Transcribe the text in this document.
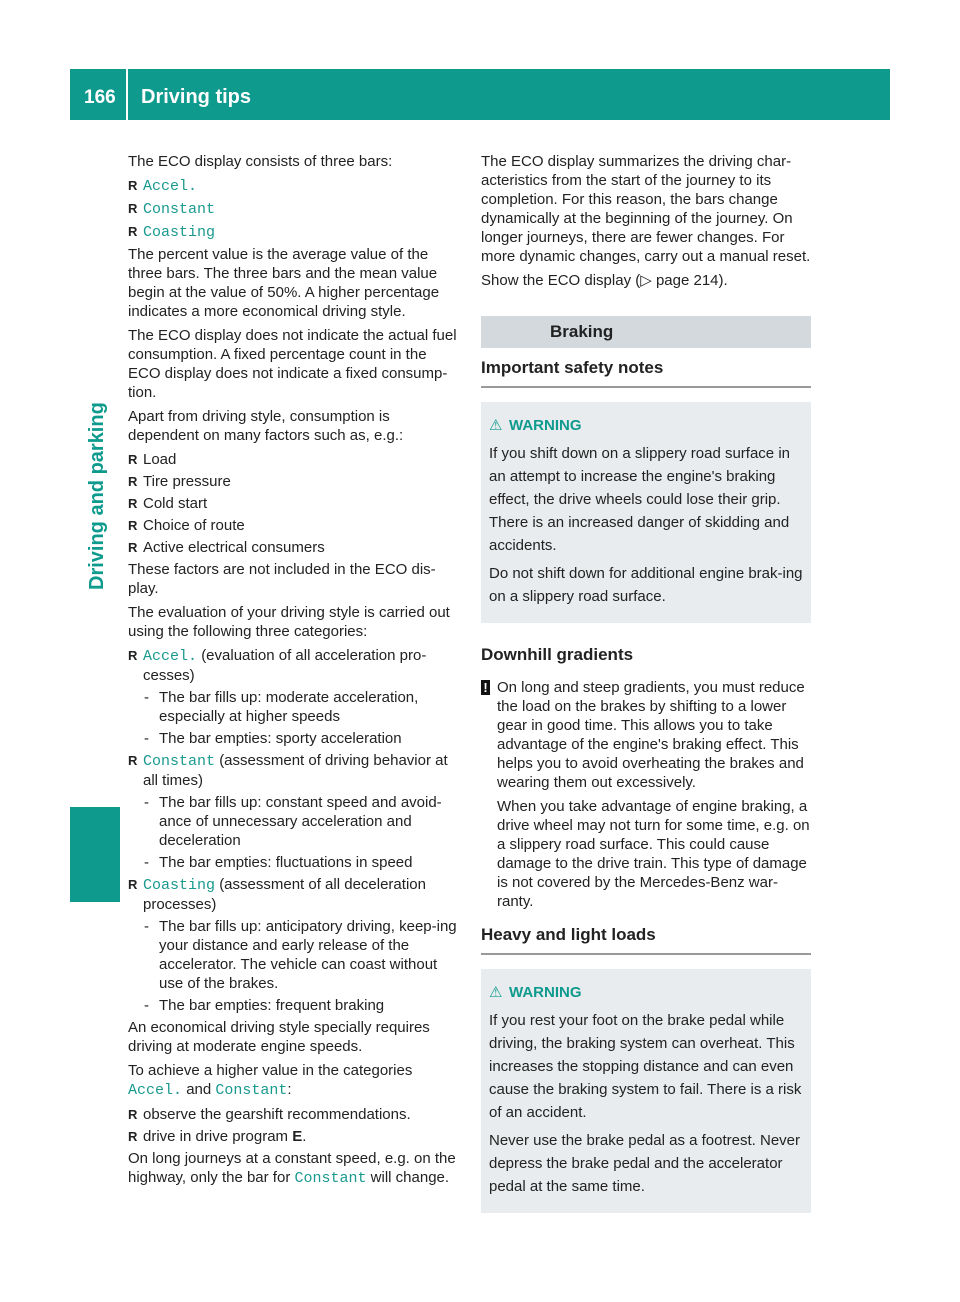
166 Driving tips
Driving and parking

The ECO display consists of three bars:

R Accel.
R Constant
R Coasting

The percent value is the average value of the three bars. The three bars and the mean value begin at the value of 50%. A higher percentage indicates a more economical driving style.

The ECO display does not indicate the actual fuel consumption. A fixed percentage count in the ECO display does not indicate a fixed consump-tion.

Apart from driving style, consumption is dependent on many factors such as, e.g.:

R Load
R Tire pressure
R Cold start
R Choice of route
R Active electrical consumers

These factors are not included in the ECO dis-play.

The evaluation of your driving style is carried out using the following three categories:

R Accel. (evaluation of all acceleration pro-cesses)
- The bar fills up: moderate acceleration, especially at higher speeds
- The bar empties: sporty acceleration
R Constant (assessment of driving behavior at all times)
- The bar fills up: constant speed and avoid-ance of unnecessary acceleration and deceleration
- The bar empties: fluctuations in speed
R Coasting (assessment of all deceleration processes)
- The bar fills up: anticipatory driving, keep-ing your distance and early release of the accelerator. The vehicle can coast without use of the brakes.
- The bar empties: frequent braking

An economical driving style specially requires driving at moderate engine speeds.

To achieve a higher value in the categories Accel. and Constant:

R observe the gearshift recommendations.
R drive in drive program E.

On long journeys at a constant speed, e.g. on the highway, only the bar for Constant will change.

The ECO display summarizes the driving char-acteristics from the start of the journey to its completion. For this reason, the bars change dynamically at the beginning of the journey. On longer journeys, there are fewer changes. For more dynamic changes, carry out a manual reset.

Show the ECO display (▷ page 214).

Braking
Important safety notes
⚠ WARNING

If you shift down on a slippery road surface in an attempt to increase the engine's braking effect, the drive wheels could lose their grip. There is an increased danger of skidding and accidents.

Do not shift down for additional engine brak-ing on a slippery road surface.

Downhill gradients
! On long and steep gradients, you must reduce the load on the brakes by shifting to a lower gear in good time. This allows you to take advantage of the engine's braking effect. This helps you to avoid overheating the brakes and wearing them out excessively.

When you take advantage of engine braking, a drive wheel may not turn for some time, e.g. on a slippery road surface. This could cause damage to the drive train. This type of damage is not covered by the Mercedes-Benz war-ranty.

Heavy and light loads
⚠ WARNING

If you rest your foot on the brake pedal while driving, the braking system can overheat. This increases the stopping distance and can even cause the braking system to fail. There is a risk of an accident.

Never use the brake pedal as a footrest. Never depress the brake pedal and the accelerator pedal at the same time.
